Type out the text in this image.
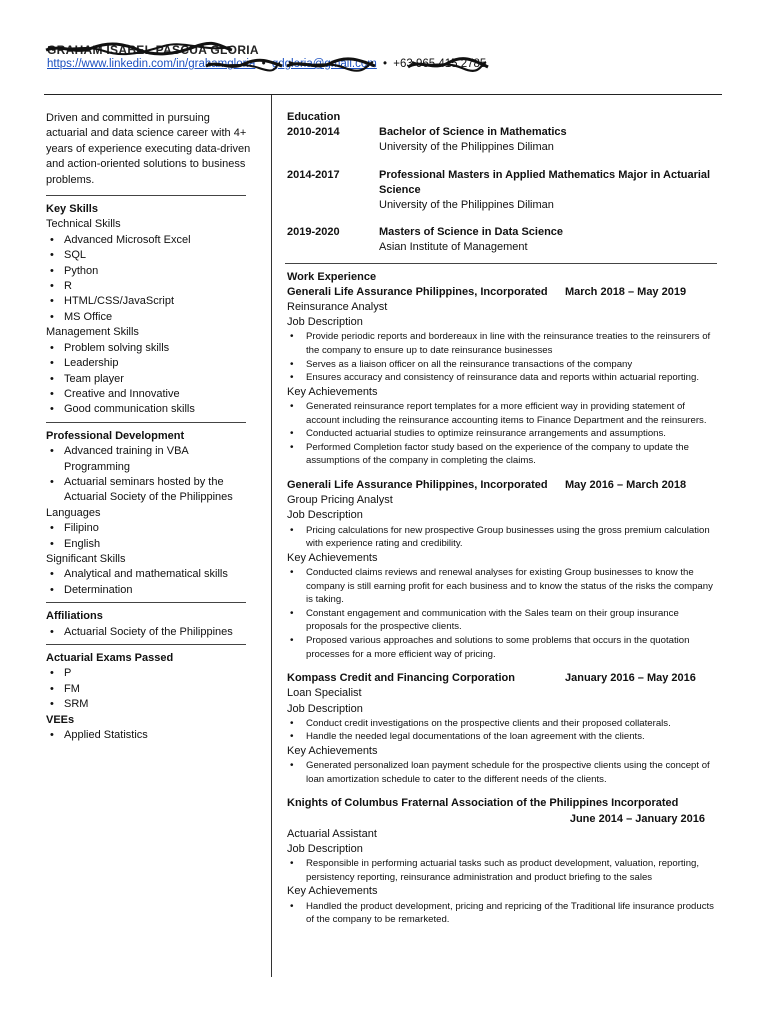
GRAHAM ISABEL PASCUA GLORIA
https://www.linkedin.com/in/grahamgloria • gdgloria@gmail.com • +63 965 415 2785
Driven and committed in pursuing actuarial and data science career with 4+ years of experience executing data-driven and action-oriented solutions to business problems.
Key Skills
Technical Skills
• Advanced Microsoft Excel
• SQL
• Python
• R
• HTML/CSS/JavaScript
• MS Office
Management Skills
• Problem solving skills
• Leadership
• Team player
• Creative and Innovative
• Good communication skills
Professional Development
• Advanced training in VBA Programming
• Actuarial seminars hosted by the Actuarial Society of the Philippines
Languages
• Filipino
• English
Significant Skills
• Analytical and mathematical skills
• Determination
Affiliations
• Actuarial Society of the Philippines
Actuarial Exams Passed
• P
• FM
• SRM
VEEs
• Applied Statistics
Education
2010-2014	Bachelor of Science in Mathematics
University of the Philippines Diliman
2014-2017	Professional Masters in Applied Mathematics Major in Actuarial Science
University of the Philippines Diliman
2019-2020	Masters of Science in Data Science
Asian Institute of Management
Work Experience
Generali Life Assurance Philippines, Incorporated	March 2018 – May 2019
Reinsurance Analyst
Job Description
• Provide periodic reports and bordereaux in line with the reinsurance treaties to the reinsurers of the company to ensure up to date reinsurance businesses
• Serves as a liaison officer on all the reinsurance transactions of the company
• Ensures accuracy and consistency of reinsurance data and reports within actuarial reporting.
Key Achievements
• Generated reinsurance report templates for a more efficient way in providing statement of account including the reinsurance accounting items to Finance Department and the reinsurers.
• Conducted actuarial studies to optimize reinsurance arrangements and assumptions.
• Performed Completion factor study based on the experience of the company to update the assumptions of the company in completing the claims.
Generali Life Assurance Philippines, Incorporated	May 2016 – March 2018
Group Pricing Analyst
Job Description
• Pricing calculations for new prospective Group businesses using the gross premium calculation with experience rating and credibility.
Key Achievements
• Conducted claims reviews and renewal analyses for existing Group businesses to know the company is still earning profit for each business and to know the status of the risks the company is taking.
• Constant engagement and communication with the Sales team on their group insurance proposals for the prospective clients.
• Proposed various approaches and solutions to some problems that occurs in the quotation processes for a more efficient way of pricing.
Kompass Credit and Financing Corporation	January 2016 – May 2016
Loan Specialist
Job Description
• Conduct credit investigations on the prospective clients and their proposed collaterals.
• Handle the needed legal documentations of the loan agreement with the clients.
Key Achievements
• Generated personalized loan payment schedule for the prospective clients using the concept of loan amortization schedule to cater to the different needs of the clients.
Knights of Columbus Fraternal Association of the Philippines Incorporated
June 2014 – January 2016
Actuarial Assistant
Job Description
• Responsible in performing actuarial tasks such as product development, valuation, reporting, persistency reporting, reinsurance administration and product briefing to the sales
Key Achievements
• Handled the product development, pricing and repricing of the Traditional life insurance products of the company to be remarketed.
